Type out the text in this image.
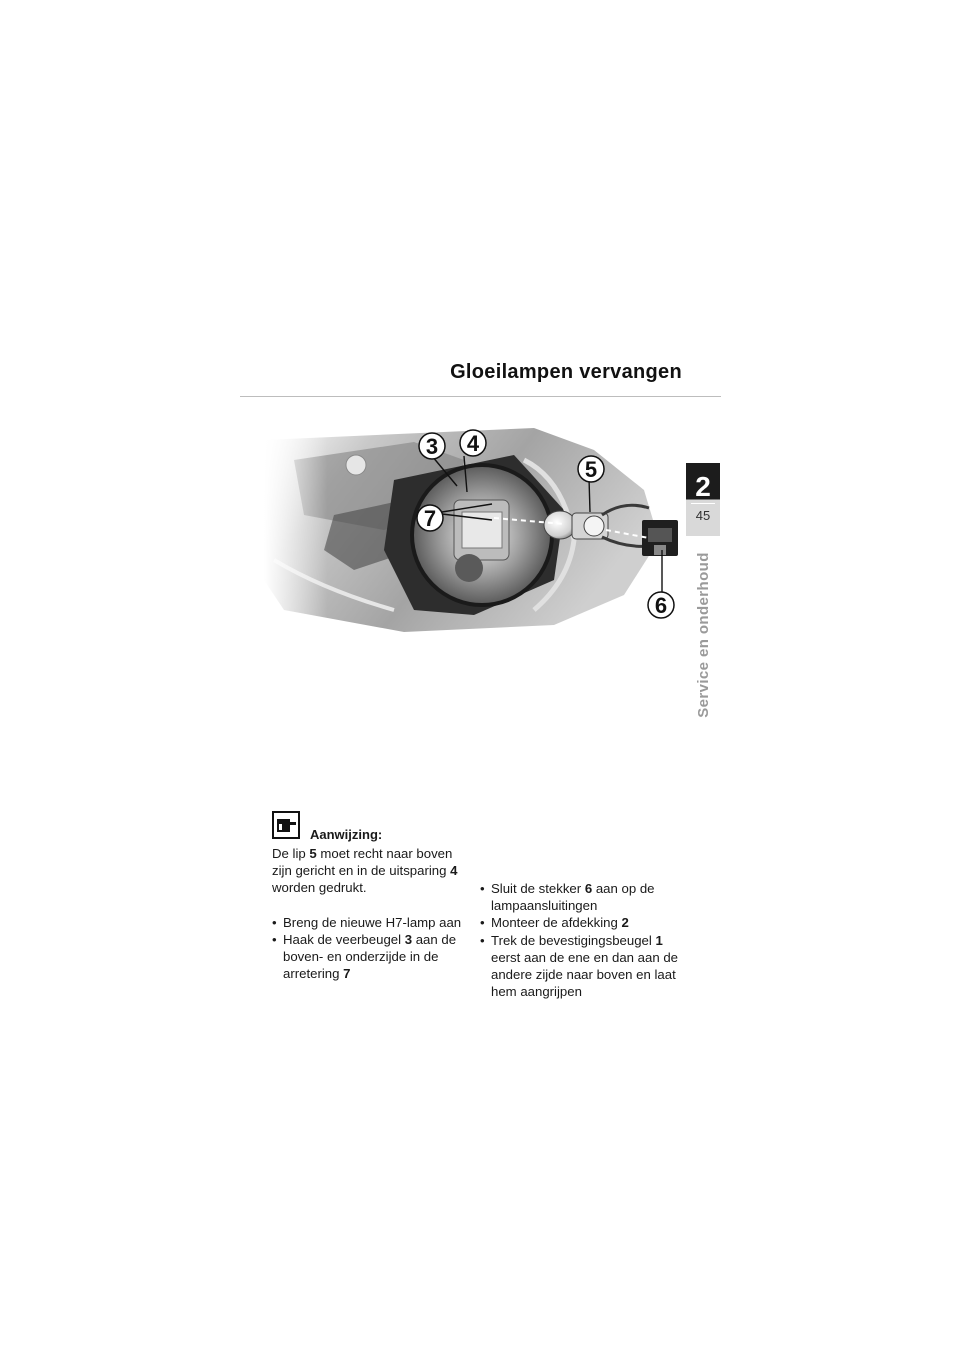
Gloeilampen vervangen
2
45
Service en onderhoud
3 4
5
7
6
Aanwijzing:

De lip 5 moet recht naar boven zijn gericht en in de uitsparing 4 worden gedrukt.

• Breng de nieuwe H7-lamp aan
• Haak de veerbeugel 3 aan de boven- en onderzijde in de arretering 7
• Sluit de stekker 6 aan op de lampaansluitingen
• Monteer de afdekking 2
• Trek de bevestigingsbeugel 1 eerst aan de ene en dan aan de andere zijde naar boven en laat hem aangrijpen
